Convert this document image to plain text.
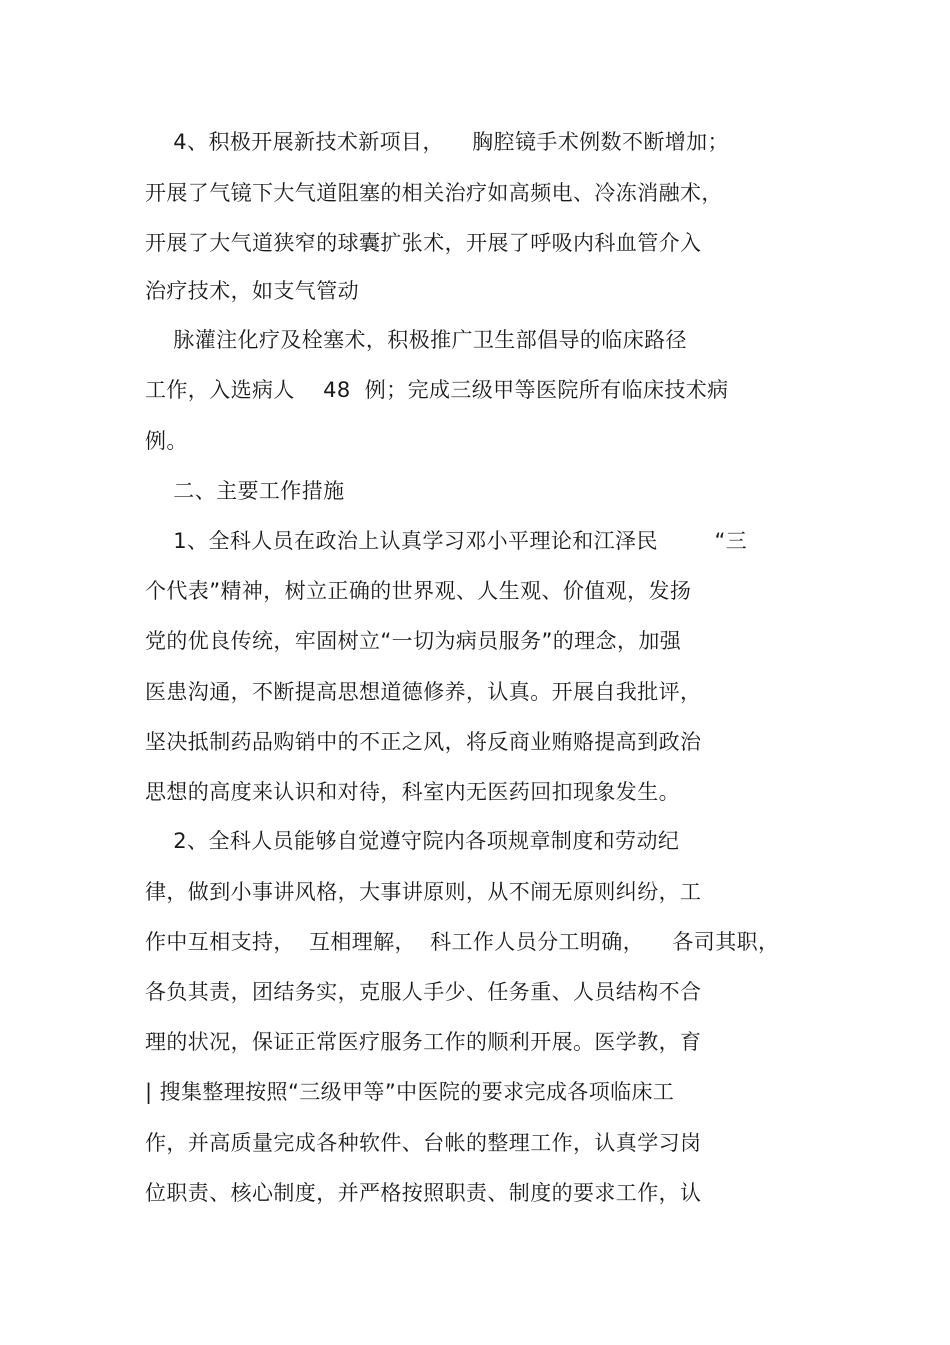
4、积极开展新技术新项目，    胸腔镜手术例数不断增加；
开展了气镜下大气道阻塞的相关治疗如高频电、冷冻消融术，
开展了大气道狭窄的球囊扩张术，开展了呼吸内科血管介入
治疗技术，如支气管动
脉灌注化疗及栓塞术，积极推广卫生部倡导的临床路径
工作，入选病人    48  例；完成三级甲等医院所有临床技术病
例。
二、主要工作措施
1、全科人员在政治上认真学习邓小平理论和江泽民        “三
个代表”精神，树立正确的世界观、人生观、价值观，发扬
党的优良传统，牢固树立“一切为病员服务”的理念，加强
医患沟通，不断提高思想道德修养，认真。开展自我批评，
坚决抵制药品购销中的不正之风，将反商业贿赂提高到政治
思想的高度来认识和对待，科室内无医药回扣现象发生。
2、全科人员能够自觉遵守院内各项规章制度和劳动纪
律，做到小事讲风格，大事讲原则，从不闹无原则纠纷，工
作中互相支持，  互相理解，  科工作人员分工明确，    各司其职，
各负其责，团结务实，克服人手少、任务重、人员结构不合
理的状况，保证正常医疗服务工作的顺利开展。医学教，育
| 搜集整理按照“三级甲等”中医院的要求完成各项临床工
作，并高质量完成各种软件、台帐的整理工作，认真学习岗
位职责、核心制度，并严格按照职责、制度的要求工作，认
